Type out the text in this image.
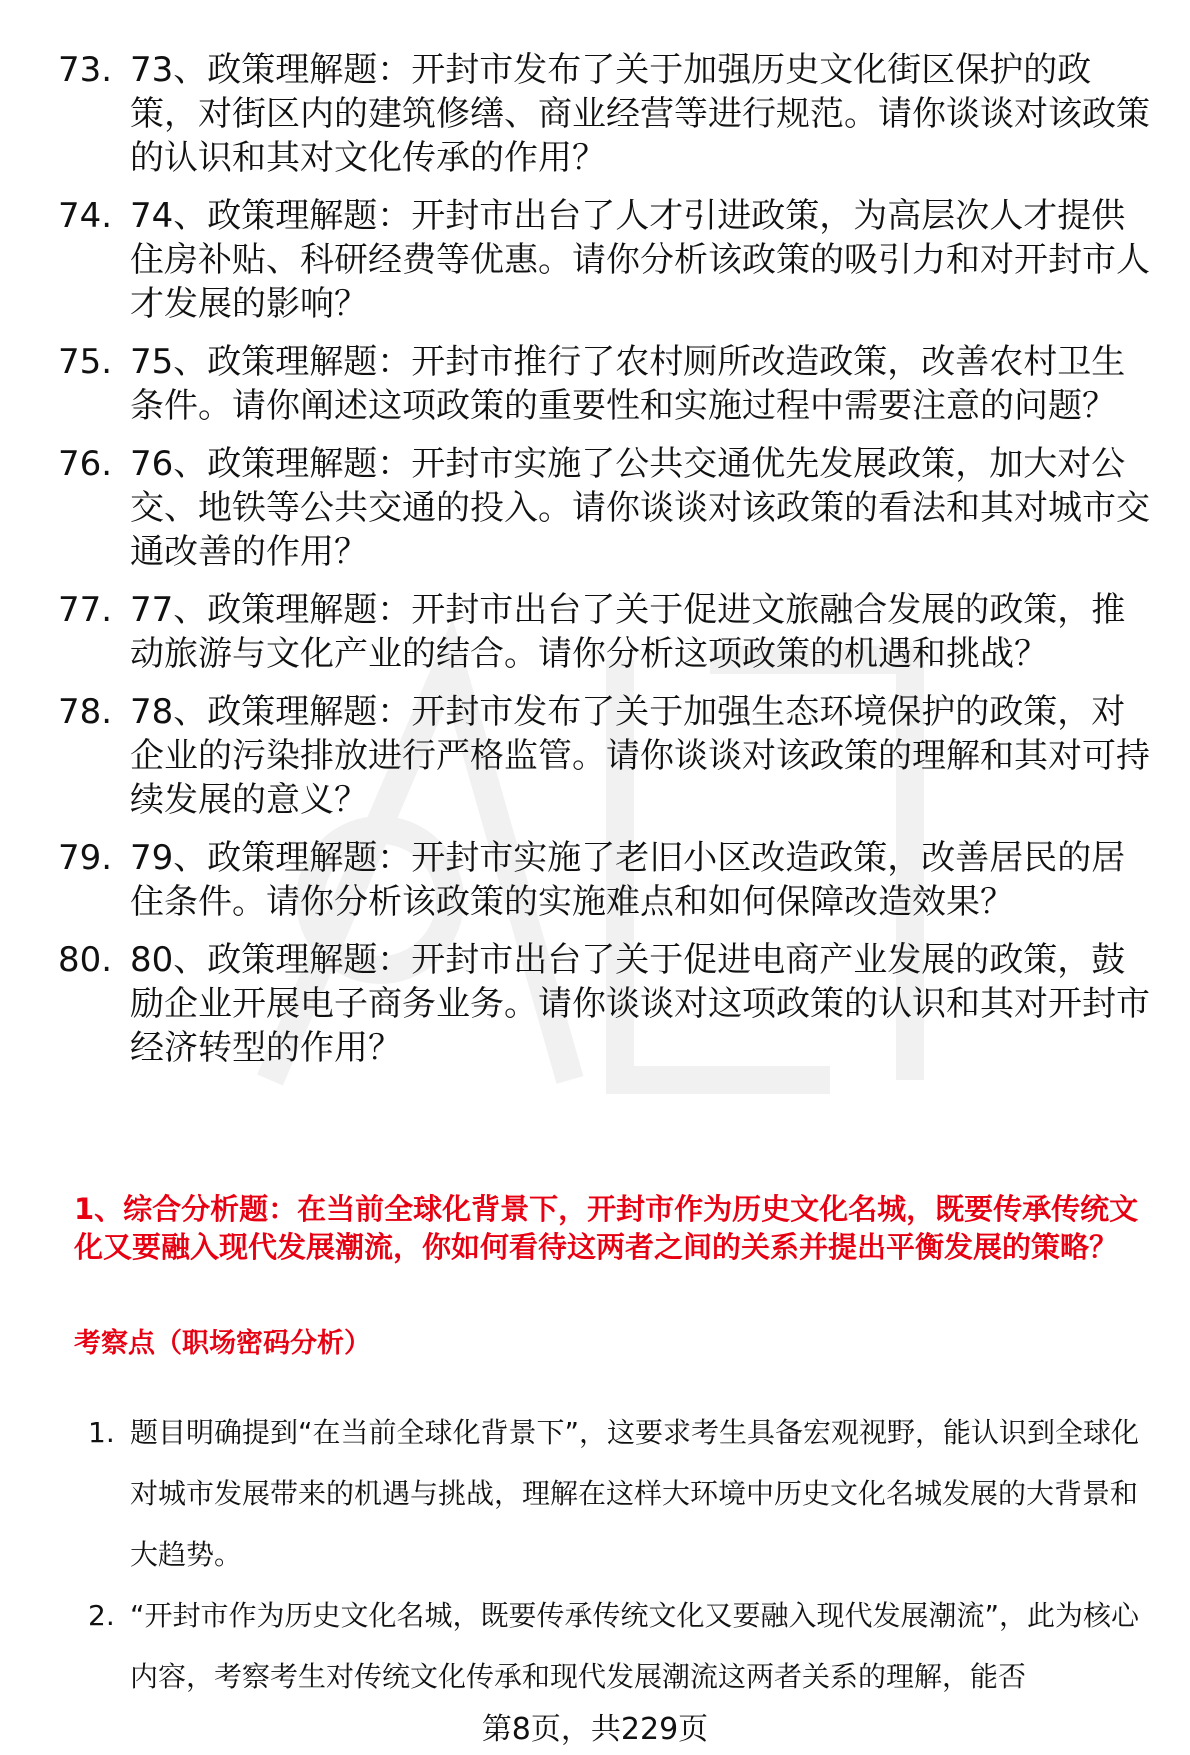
73. 73、政策理解题：开封市发布了关于加强历史文化街区保护的政策，对街区内的建筑修缮、商业经营等进行规范。请你谈谈对该政策的认识和其对文化传承的作用？
74. 74、政策理解题：开封市出台了人才引进政策，为高层次人才提供住房补贴、科研经费等优惠。请你分析该政策的吸引力和对开封市人才发展的影响？
75. 75、政策理解题：开封市推行了农村厕所改造政策，改善农村卫生条件。请你阐述这项政策的重要性和实施过程中需要注意的问题？
76. 76、政策理解题：开封市实施了公共交通优先发展政策，加大对公交、地铁等公共交通的投入。请你谈谈对该政策的看法和其对城市交通改善的作用？
77. 77、政策理解题：开封市出台了关于促进文旅融合发展的政策，推动旅游与文化产业的结合。请你分析这项政策的机遇和挑战？
78. 78、政策理解题：开封市发布了关于加强生态环境保护的政策，对企业的污染排放进行严格监管。请你谈谈对该政策的理解和其对可持续发展的意义？
79. 79、政策理解题：开封市实施了老旧小区改造政策，改善居民的居住条件。请你分析该政策的实施难点和如何保障改造效果？
80. 80、政策理解题：开封市出台了关于促进电商产业发展的政策，鼓励企业开展电子商务业务。请你谈谈对这项政策的认识和其对开封市经济转型的作用？
1、综合分析题：在当前全球化背景下，开封市作为历史文化名城，既要传承传统文化又要融入现代发展潮流，你如何看待这两者之间的关系并提出平衡发展的策略？
考察点（职场密码分析）
1. 题目明确提到“在当前全球化背景下”，这要求考生具备宏观视野，能认识到全球化对城市发展带来的机遇与挑战，理解在这样大环境中历史文化名城发展的大背景和大趋势。
2. “开封市作为历史文化名城，既要传承传统文化又要融入现代发展潮流”，此为核心内容，考察考生对传统文化传承和现代发展潮流这两者关系的理解，能否
第8页，共229页
